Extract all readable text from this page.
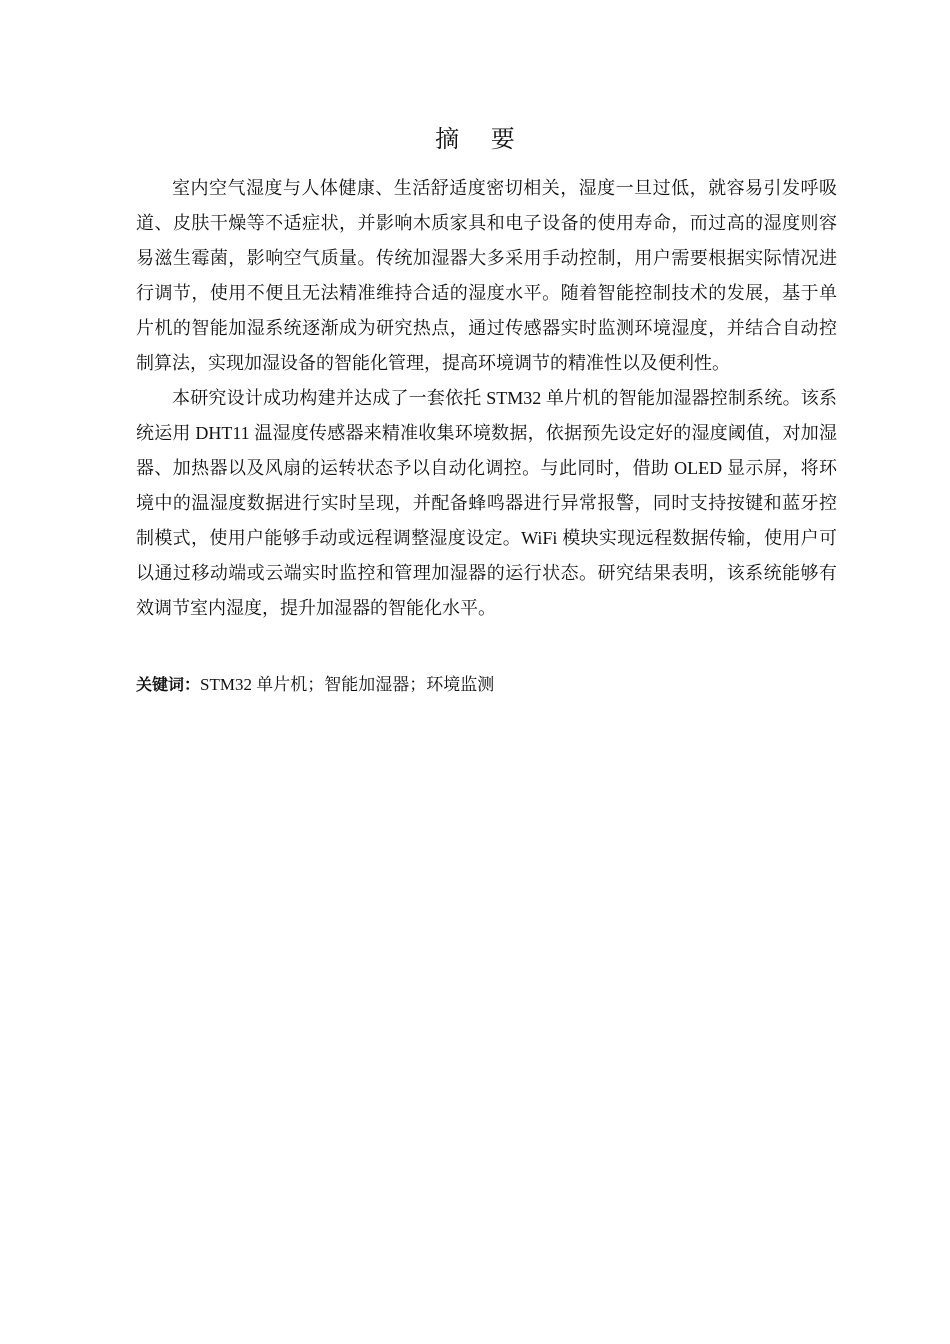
摘 要

室内空气湿度与人体健康、生活舒适度密切相关，湿度一旦过低，就容易引发呼吸道、皮肤干燥等不适症状，并影响木质家具和电子设备的使用寿命，而过高的湿度则容易滋生霉菌，影响空气质量。传统加湿器大多采用手动控制，用户需要根据实际情况进行调节，使用不便且无法精准维持合适的湿度水平。随着智能控制技术的发展，基于单片机的智能加湿系统逐渐成为研究热点，通过传感器实时监测环境湿度，并结合自动控制算法，实现加湿设备的智能化管理，提高环境调节的精准性以及便利性。

本研究设计成功构建并达成了一套依托 STM32 单片机的智能加湿器控制系统。该系统运用 DHT11 温湿度传感器来精准收集环境数据，依据预先设定好的湿度阈值，对加湿器、加热器以及风扇的运转状态予以自动化调控。与此同时，借助 OLED 显示屏，将环境中的温湿度数据进行实时呈现，并配备蜂鸣器进行异常报警，同时支持按键和蓝牙控制模式，使用户能够手动或远程调整湿度设定。WiFi 模块实现远程数据传输，使用户可以通过移动端或云端实时监控和管理加湿器的运行状态。研究结果表明，该系统能够有效调节室内湿度，提升加湿器的智能化水平。

关键词：STM32 单片机；智能加湿器；环境监测
